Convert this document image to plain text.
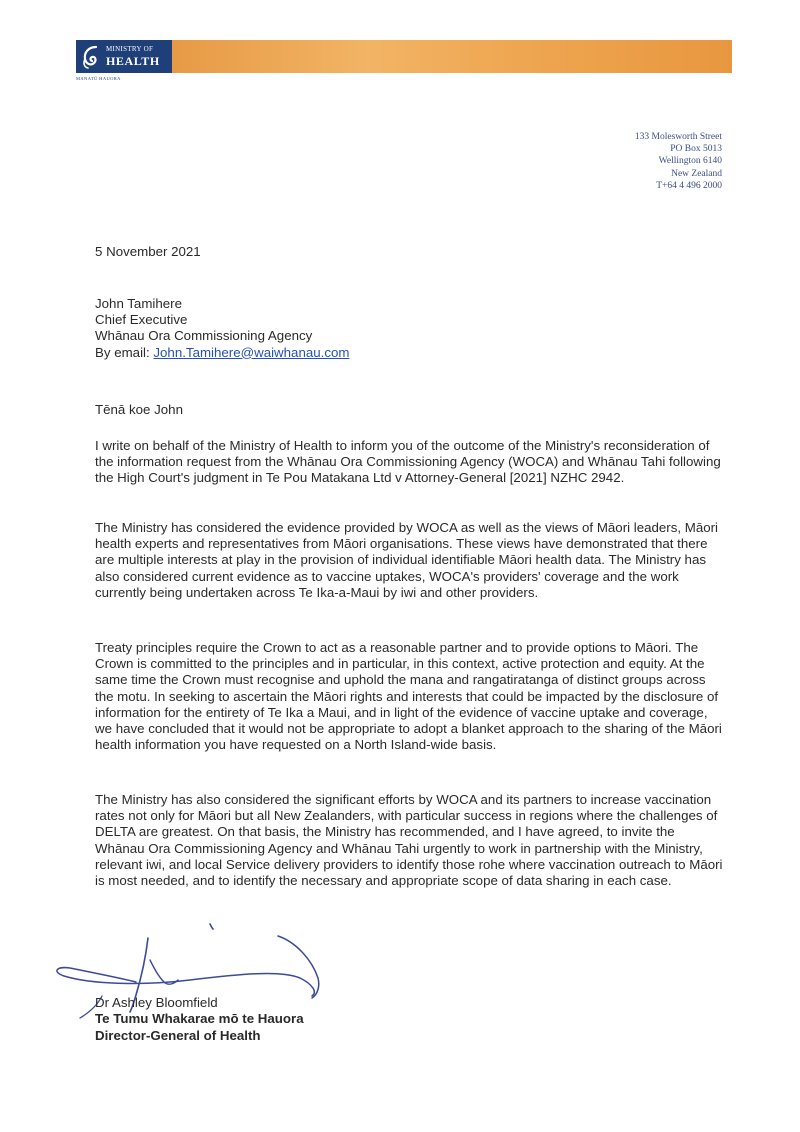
MINISTRY OF
HEALTH
MANATŪ HAUORA
133 Molesworth Street
PO Box 5013
Wellington 6140
New Zealand
T+64 4 496 2000
5 November 2021
John Tamihere
Chief Executive
Whānau Ora Commissioning Agency
By email: John.Tamihere@waiwhanau.com
Tēnā koe John

I write on behalf of the Ministry of Health to inform you of the outcome of the Ministry's reconsideration of the information request from the Whānau Ora Commissioning Agency (WOCA) and Whānau Tahi following the High Court's judgment in Te Pou Matakana Ltd v Attorney-General [2021] NZHC 2942.

The Ministry has considered the evidence provided by WOCA as well as the views of Māori leaders, Māori health experts and representatives from Māori organisations. These views have demonstrated that there are multiple interests at play in the provision of individual identifiable Māori health data. The Ministry has also considered current evidence as to vaccine uptakes, WOCA's providers' coverage and the work currently being undertaken across Te Ika-a-Maui by iwi and other providers.

Treaty principles require the Crown to act as a reasonable partner and to provide options to Māori. The Crown is committed to the principles and in particular, in this context, active protection and equity. At the same time the Crown must recognise and uphold the mana and rangatiratanga of distinct groups across the motu. In seeking to ascertain the Māori rights and interests that could be impacted by the disclosure of information for the entirety of Te Ika a Maui, and in light of the evidence of vaccine uptake and coverage, we have concluded that it would not be appropriate to adopt a blanket approach to the sharing of the Māori health information you have requested on a North Island-wide basis.

The Ministry has also considered the significant efforts by WOCA and its partners to increase vaccination rates not only for Māori but all New Zealanders, with particular success in regions where the challenges of DELTA are greatest. On that basis, the Ministry has recommended, and I have agreed, to invite the Whānau Ora Commissioning Agency and Whānau Tahi urgently to work in partnership with the Ministry, relevant iwi, and local Service delivery providers to identify those rohe where vaccination outreach to Māori is most needed, and to identify the necessary and appropriate scope of data sharing in each case.

Dr Ashley Bloomfield
Te Tumu Whakarae mō te Hauora
Director-General of Health
